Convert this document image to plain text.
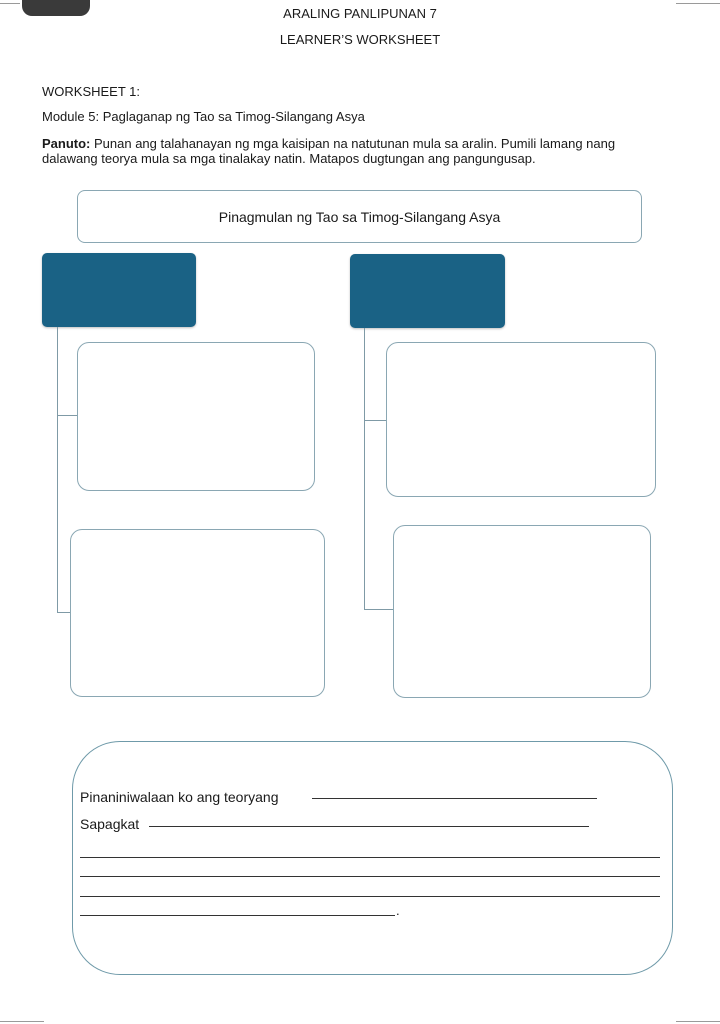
ARALING PANLIPUNAN 7
LEARNER’S WORKSHEET
WORKSHEET 1:
Module 5: Paglaganap ng Tao sa Timog-Silangang Asya
Panuto: Punan ang talahanayan ng mga kaisipan na natutunan mula sa aralin. Pumili lamang nang
dalawang teorya mula sa mga tinalakay natin. Matapos dugtungan ang pangungusap.
Pinagmulan ng Tao sa Timog-Silangang Asya
Pinaniniwalaan ko ang teoryang
Sapagkat
.
